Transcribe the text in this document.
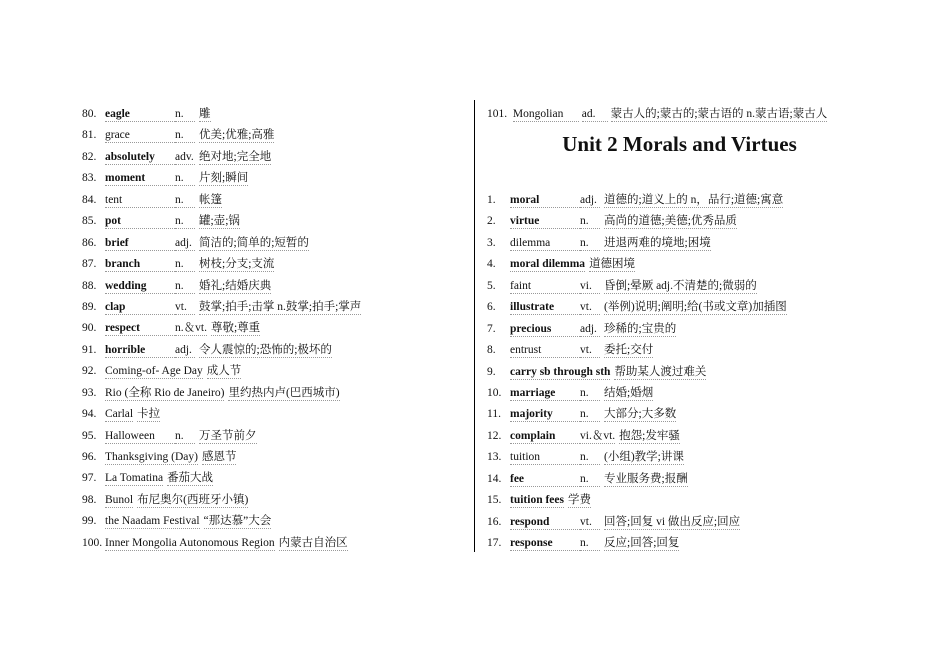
80. eagle	n. 雕
81. grace	n. 优美;优雅;高雅
82. absolutely adv. 绝对地;完全地
83. moment	n. 片刻;瞬间
84. tent	n. 帐篷
85. pot	n. 罐;壶;锅
86. brief	adj. 简洁的;简单的;短暂的
87. branch	n. 树枝;分支;支流
88. wedding n. 婚礼;结婚庆典
89. clap	vt. 鼓掌;拍手;击掌 n.鼓掌;拍手;掌声
90. respect	n.＆vt. 尊敬;尊重
91. horrible	adj. 令人震惊的;恐怖的;极坏的
92. Coming-of- Age Day 成人节
93. Rio (全称 Rio de Janeiro) 里约热内卢(巴西城市)
94. Carlal 卡拉
95. Halloween n. 万圣节前夕
96. Thanksgiving (Day) 感恩节
97. La Tomatina 番茄大战
98. Bunol 布尼奥尔(西班牙小镇)
99. the Naadam Festival “那达慕”大会
100. Inner Mongolia Autonomous Region 内蒙古自治区
101. Mongolian ad. 蒙古人的;蒙古的;蒙古语的 n.蒙古语;蒙古人
Unit 2 Morals and Virtues
1. moral	adj. 道德的;道义上的 n，品行;道德;寓意
2. virtue	n. 高尚的道德;美德;优秀品质
3. dilemma	n. 进退两难的境地;困境
4. moral dilemma 道德困境
5. faint	vi. 昏倒;晕厥 adj.不清楚的;微弱的
6. illustrate vt. (举例)说明;阐明;给(书或文章)加插图
7. precious adj. 珍稀的;宝贵的
8. entrust	vt. 委托;交付
9. carry sb through sth 帮助某人渡过难关
10. marriage n. 结婚;婚烟
11. majority n. 大部分;大多数
12. complain vi.＆vt. 抱怨;发牢骚
13. tuition	n. (小组)教学;讲课
14. fee	n. 专业服务费;报酬
15. tuition fees 学费
16. respond	vt. 回答;回复 vi 做出反应;回应
17. response n. 反应;回答;回复
